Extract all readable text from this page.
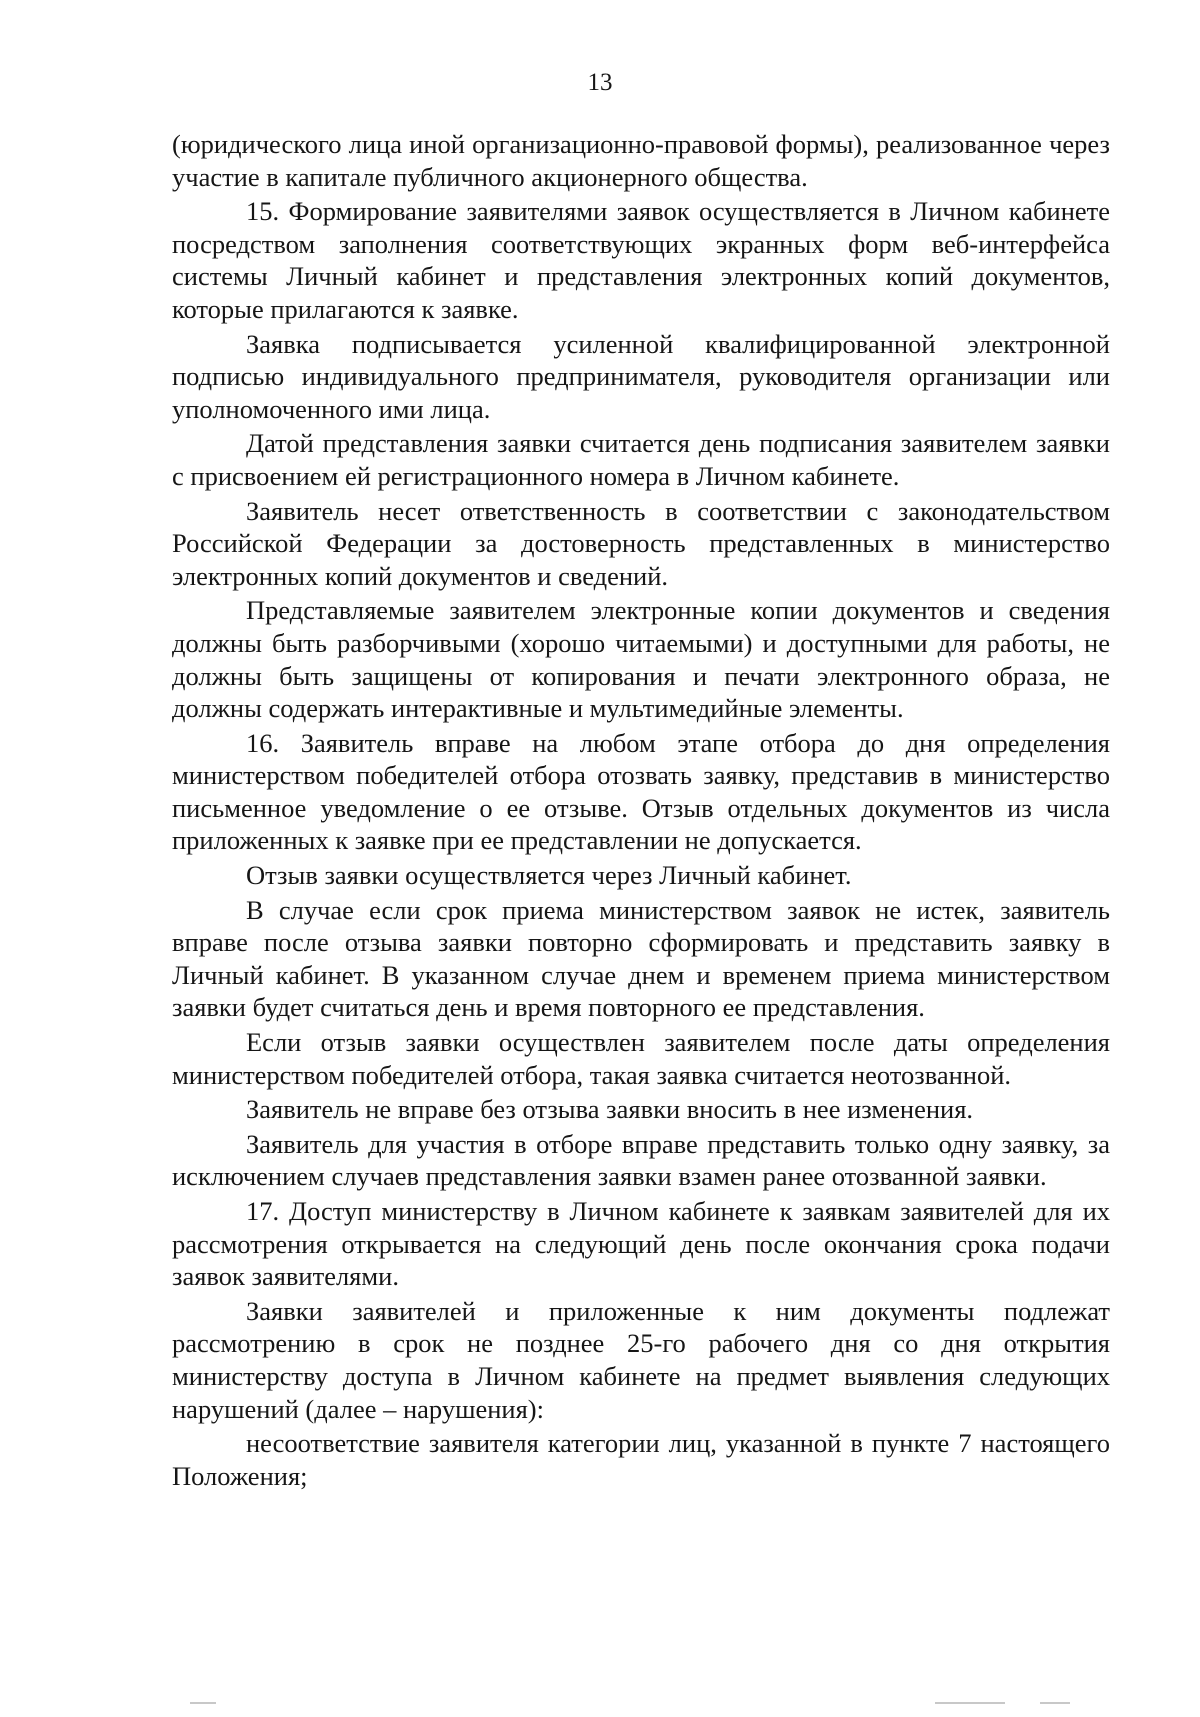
13

(юридического лица иной организационно-правовой формы), реализованное через участие в капитале публичного акционерного общества.

15. Формирование заявителями заявок осуществляется в Личном кабинете посредством заполнения соответствующих экранных форм веб-интерфейса системы Личный кабинет и представления электронных копий документов, которые прилагаются к заявке.

Заявка подписывается усиленной квалифицированной электронной подписью индивидуального предпринимателя, руководителя организации или уполномоченного ими лица.

Датой представления заявки считается день подписания заявителем заявки с присвоением ей регистрационного номера в Личном кабинете.

Заявитель несет ответственность в соответствии с законодательством Российской Федерации за достоверность представленных в министерство электронных копий документов и сведений.

Представляемые заявителем электронные копии документов и сведения должны быть разборчивыми (хорошо читаемыми) и доступными для работы, не должны быть защищены от копирования и печати электронного образа, не должны содержать интерактивные и мультимедийные элементы.

16. Заявитель вправе на любом этапе отбора до дня определения министерством победителей отбора отозвать заявку, представив в министерство письменное уведомление о ее отзыве. Отзыв отдельных документов из числа приложенных к заявке при ее представлении не допускается.

Отзыв заявки осуществляется через Личный кабинет.

В случае если срок приема министерством заявок не истек, заявитель вправе после отзыва заявки повторно сформировать и представить заявку в Личный кабинет. В указанном случае днем и временем приема министерством заявки будет считаться день и время повторного ее представления.

Если отзыв заявки осуществлен заявителем после даты определения министерством победителей отбора, такая заявка считается неотозванной.

Заявитель не вправе без отзыва заявки вносить в нее изменения.

Заявитель для участия в отборе вправе представить только одну заявку, за исключением случаев представления заявки взамен ранее отозванной заявки.

17. Доступ министерству в Личном кабинете к заявкам заявителей для их рассмотрения открывается на следующий день после окончания срока подачи заявок заявителями.

Заявки заявителей и приложенные к ним документы подлежат рассмотрению в срок не позднее 25-го рабочего дня со дня открытия министерству доступа в Личном кабинете на предмет выявления следующих нарушений (далее – нарушения):

несоответствие заявителя категории лиц, указанной в пункте 7 настоящего Положения;
